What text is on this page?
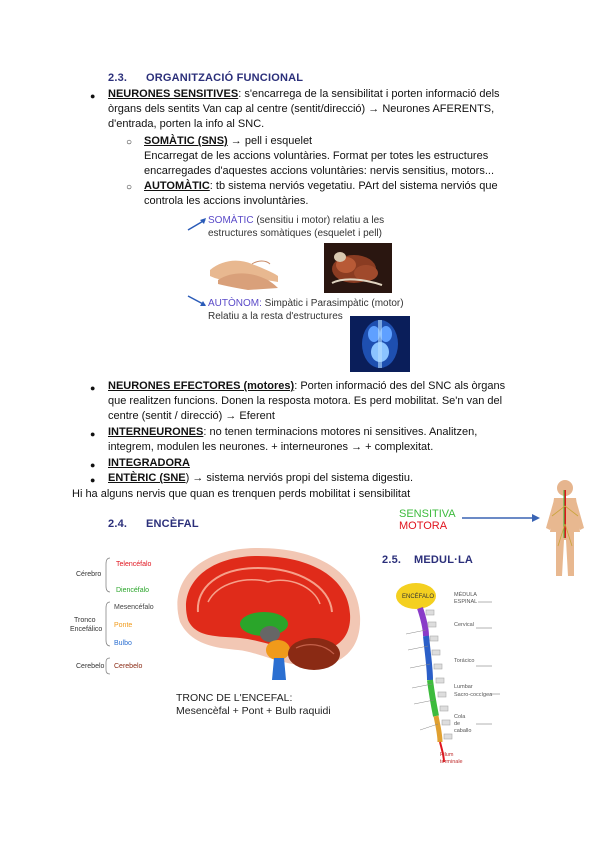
2.3. ORGANITZACIÓ FUNCIONAL
● NEURONES SENSITIVES: s'encarrega de la sensibilitat i porten informació dels
òrgans dels sentits Van cap al centre (sentit/direcció) → Neurones AFERENTS,
d'entrada, porten la info al SNC.
○ SOMÀTIC (SNS) → pell i esquelet
Encarregat de les accions voluntàries. Format per totes les estructures
encarregades d'aquestes accions voluntàries: nervis sensitius, motors...
○ AUTOMÀTIC: tb sistema nerviós vegetatiu. PArt del sistema nerviós que
controla les accions involuntàries.
SOMÀTIC (sensitiu i motor) relatiu a les
estructures somàtiques (esquelet i pell)
AUTÒNOM: Simpàtic i Parasimpàtic (motor)
Relatiu a la resta d'estructures
● NEURONES EFECTORES (motores): Porten informació des del SNC als òrgans
que realitzen funcions. Donen la resposta motora. Es perd mobilitat. Se'n van del
centre (sentit / direcció) → Eferent
● INTERNEURONES: no tenen terminacions motores ni sensitives. Analitzen,
integrem, modulen les neurones. + interneurones → + complexitat.
● INTEGRADORA
● ENTÈRIC (SNE) → sistema nerviós propi del sistema digestiu.
Hi ha alguns nervis que quan es trenquen perds mobilitat i sensibilitat
SENSITIVA
MOTORA
2.4. ENCÈFAL
Cérebro
Telencéfalo
Diencéfalo
Tronco
Encefálico
Mesencéfalo
Ponte
Bulbo
Cerebelo Cerebelo
TRONC DE L'ENCEFAL:
Mesencèfal + Pont + Bulb raquidi
2.5. MEDUL·LA
ENCÉFALO	MÉDULA
ESPINAL
Cervical
Torácico
Lumbar
Sacro-coccígea
Cola
de
caballo
Filum
terminale
